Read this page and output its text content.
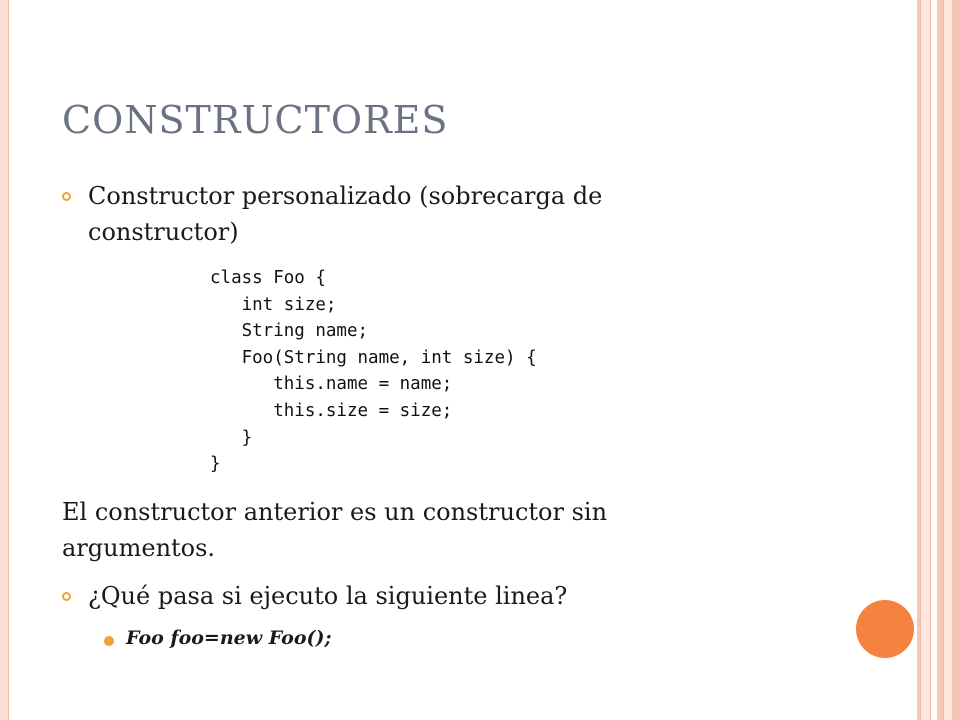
CONSTRUCTORES
Constructor personalizado (sobrecarga de constructor)
class Foo {
int size;
String name;
Foo(String name, int size) {
this.name = name;
this.size = size;
}
}
El constructor anterior es un constructor sin argumentos.
¿Qué pasa si ejecuto la siguiente linea?
Foo foo=new Foo();
